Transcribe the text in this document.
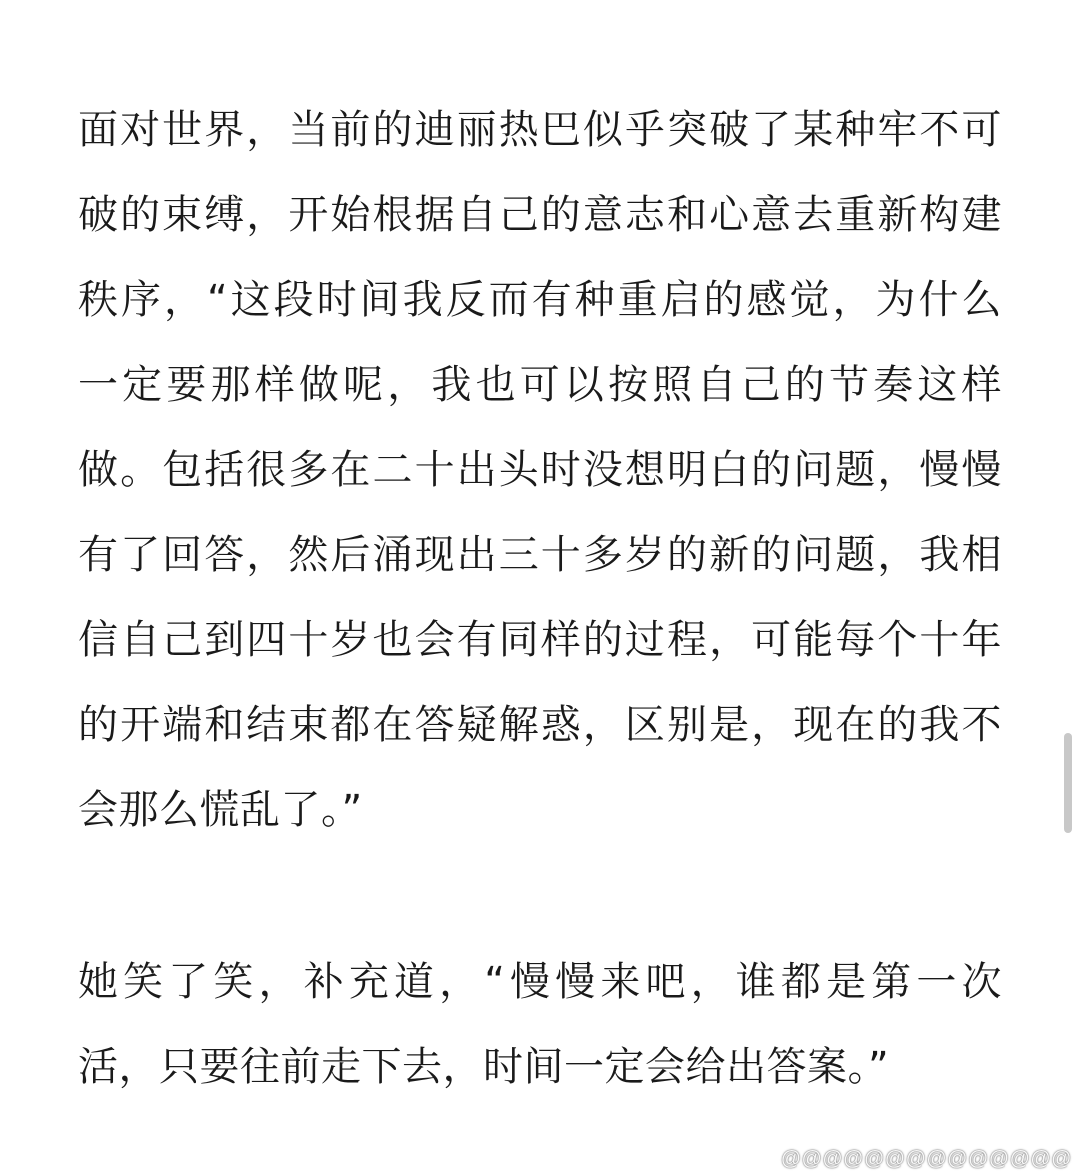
面对世界，当前的迪丽热巴似乎突破了某种牢不可
破的束缚，开始根据自己的意志和心意去重新构建
秩序，“这段时间我反而有种重启的感觉，为什么
一定要那样做呢，我也可以按照自己的节奏这样
做。包括很多在二十出头时没想明白的问题，慢慢
有了回答，然后涌现出三十多岁的新的问题，我相
信自己到四十岁也会有同样的过程，可能每个十年
的开端和结束都在答疑解惑，区别是，现在的我不
会那么慌乱了。”
她笑了笑，补充道，“慢慢来吧，谁都是第一次
活，只要往前走下去，时间一定会给出答案。”
@@@@@@@@@@@@@@
